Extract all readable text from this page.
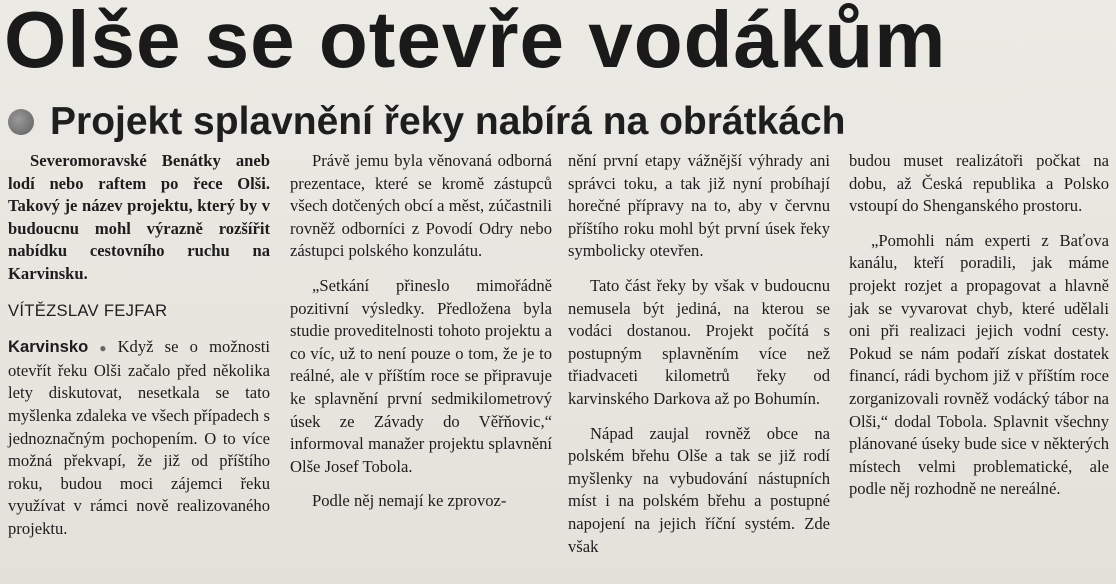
Olše se otevře vodákům
Projekt splavnění řeky nabírá na obrátkách

Severomoravské Benátky aneb lodí nebo raftem po řece Olši. Takový je název projektu, který by v budoucnu mohl výrazně rozšířit nabídku cestovního ruchu na Karvinsku.

VÍTĚZSLAV FEJFAR

Karvinsko ● Když se o možnosti otevřít řeku Olši začalo před několika lety diskutovat, nesetkala se tato myšlenka zdaleka ve všech případech s jednoznačným pochopením. O to více možná překvapí, že již od příštího roku, budou moci zájemci řeku využívat v rámci nově realizovaného projektu.

Právě jemu byla věnovaná odborná prezentace, které se kromě zástupců všech dotčených obcí a měst, zúčastnili rovněž odborníci z Povodí Odry nebo zástupci polského konzulátu.

„Setkání přineslo mimořádně pozitivní výsledky. Předložena byla studie proveditelnosti tohoto projektu a co víc, už to není pouze o tom, že je to reálné, ale v příštím roce se připravuje ke splavnění první sedmikilometrový úsek ze Závady do Věřňovic,“ informoval manažer projektu splavnění Olše Josef Tobola.

Podle něj nemají ke zprovoz-

nění první etapy vážnější výhrady ani správci toku, a tak již nyní probíhají horečné přípravy na to, aby v červnu příštího roku mohl být první úsek řeky symbolicky otevřen.

Tato část řeky by však v budoucnu nemusela být jediná, na kterou se vodáci dostanou. Projekt počítá s postupným splavněním více než třiadvaceti kilometrů řeky od karvinského Darkova až po Bohumín.

Nápad zaujal rovněž obce na polském břehu Olše a tak se již rodí myšlenky na vybudování nástupních míst i na polském břehu a postupné napojení na jejich říční systém. Zde však

budou muset realizátoři počkat na dobu, až Česká republika a Polsko vstoupí do Shenganského prostoru.

„Pomohli nám experti z Baťova kanálu, kteří poradili, jak máme projekt rozjet a propagovat a hlavně jak se vyvarovat chyb, které udělali oni při realizaci jejich vodní cesty. Pokud se nám podaří získat dostatek financí, rádi bychom již v příštím roce zorganizovali rovněž vodácký tábor na Olši,“ dodal Tobola. Splavnit všechny plánované úseky bude sice v některých místech velmi problematické, ale podle něj rozhodně ne nereálné.
